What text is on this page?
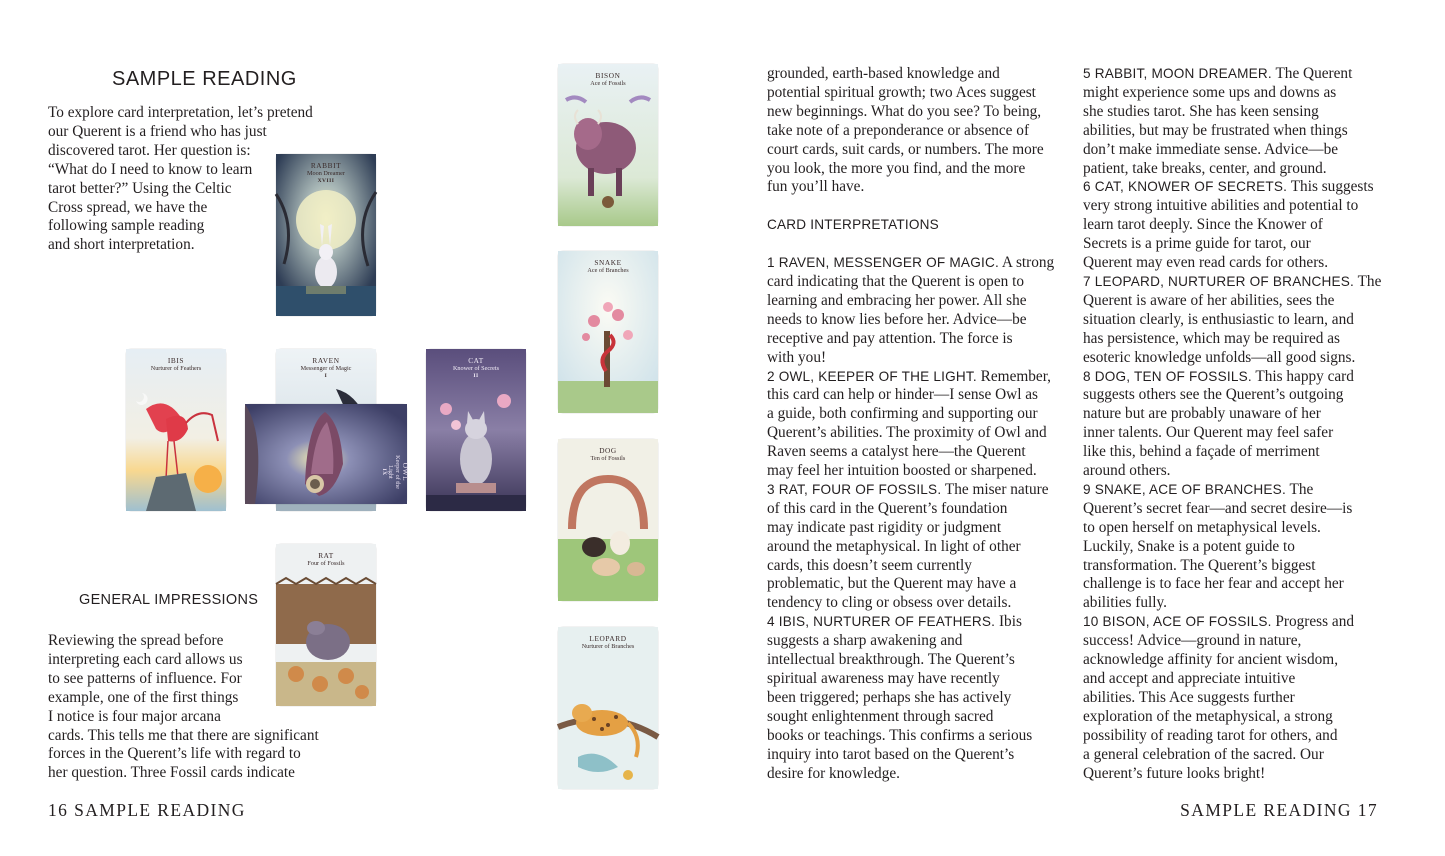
SAMPLE READING
To explore card interpretation, let’s pretend
our Querent is a friend who has just
discovered tarot. Her question is:
“What do I need to know to learn
tarot better?” Using the Celtic
Cross spread, we have the
following sample reading
and short interpretation.
GENERAL IMPRESSIONS
Reviewing the spread before
interpreting each card allows us
to see patterns of influence. For
example, one of the first things
I notice is four major arcana
cards. This tells me that there are significant
forces in the Querent’s life with regard to
her question. Three Fossil cards indicate
16 SAMPLE READING
RABBIT
Moon Dreamer
XVIII
IBIS
Nurturer of Feathers
RAVEN
Messenger of Magic
I
OWL
Keeper of the Light
IX
CAT
Knower of Secrets
II
RAT
Four of Fossils
BISON
Ace of Fossils
SNAKE
Ace of Branches
DOG
Ten of Fossils
LEOPARD
Nurturer of Branches
grounded, earth-based knowledge and
potential spiritual growth; two Aces suggest
new beginnings. What do you see? To being,
take note of a preponderance or absence of
court cards, suit cards, or numbers. The more
you look, the more you find, and the more
fun you’ll have.

CARD INTERPRETATIONS

1 RAVEN, MESSENGER OF MAGIC. A strong
card indicating that the Querent is open to
learning and embracing her power. All she
needs to know lies before her. Advice—be
receptive and pay attention. The force is
with you!
2 OWL, KEEPER OF THE LIGHT. Remember,
this card can help or hinder—I sense Owl as
a guide, both confirming and supporting our
Querent’s abilities. The proximity of Owl and
Raven seems a catalyst here—the Querent
may feel her intuition boosted or sharpened.
3 RAT, FOUR OF FOSSILS. The miser nature
of this card in the Querent’s foundation
may indicate past rigidity or judgment
around the metaphysical. In light of other
cards, this doesn’t seem currently
problematic, but the Querent may have a
tendency to cling or obsess over details.
4 IBIS, NURTURER OF FEATHERS. Ibis
suggests a sharp awakening and
intellectual breakthrough. The Querent’s
spiritual awareness may have recently
been triggered; perhaps she has actively
sought enlightenment through sacred
books or teachings. This confirms a serious
inquiry into tarot based on the Querent’s
desire for knowledge.
5 RABBIT, MOON DREAMER. The Querent
might experience some ups and downs as
she studies tarot. She has keen sensing
abilities, but may be frustrated when things
don’t make immediate sense. Advice—be
patient, take breaks, center, and ground.
6 CAT, KNOWER OF SECRETS. This suggests
very strong intuitive abilities and potential to
learn tarot deeply. Since the Knower of
Secrets is a prime guide for tarot, our
Querent may even read cards for others.
7 LEOPARD, NURTURER OF BRANCHES. The
Querent is aware of her abilities, sees the
situation clearly, is enthusiastic to learn, and
has persistence, which may be required as
esoteric knowledge unfolds—all good signs.
8 DOG, TEN OF FOSSILS. This happy card
suggests others see the Querent’s outgoing
nature but are probably unaware of her
inner talents. Our Querent may feel safer
like this, behind a façade of merriment
around others.
9 SNAKE, ACE OF BRANCHES. The
Querent’s secret fear—and secret desire—is
to open herself on metaphysical levels.
Luckily, Snake is a potent guide to
transformation. The Querent’s biggest
challenge is to face her fear and accept her
abilities fully.
10 BISON, ACE OF FOSSILS. Progress and
success! Advice—ground in nature,
acknowledge affinity for ancient wisdom,
and accept and appreciate intuitive
abilities. This Ace suggests further
exploration of the metaphysical, a strong
possibility of reading tarot for others, and
a general celebration of the sacred. Our
Querent’s future looks bright!
SAMPLE READING 17
